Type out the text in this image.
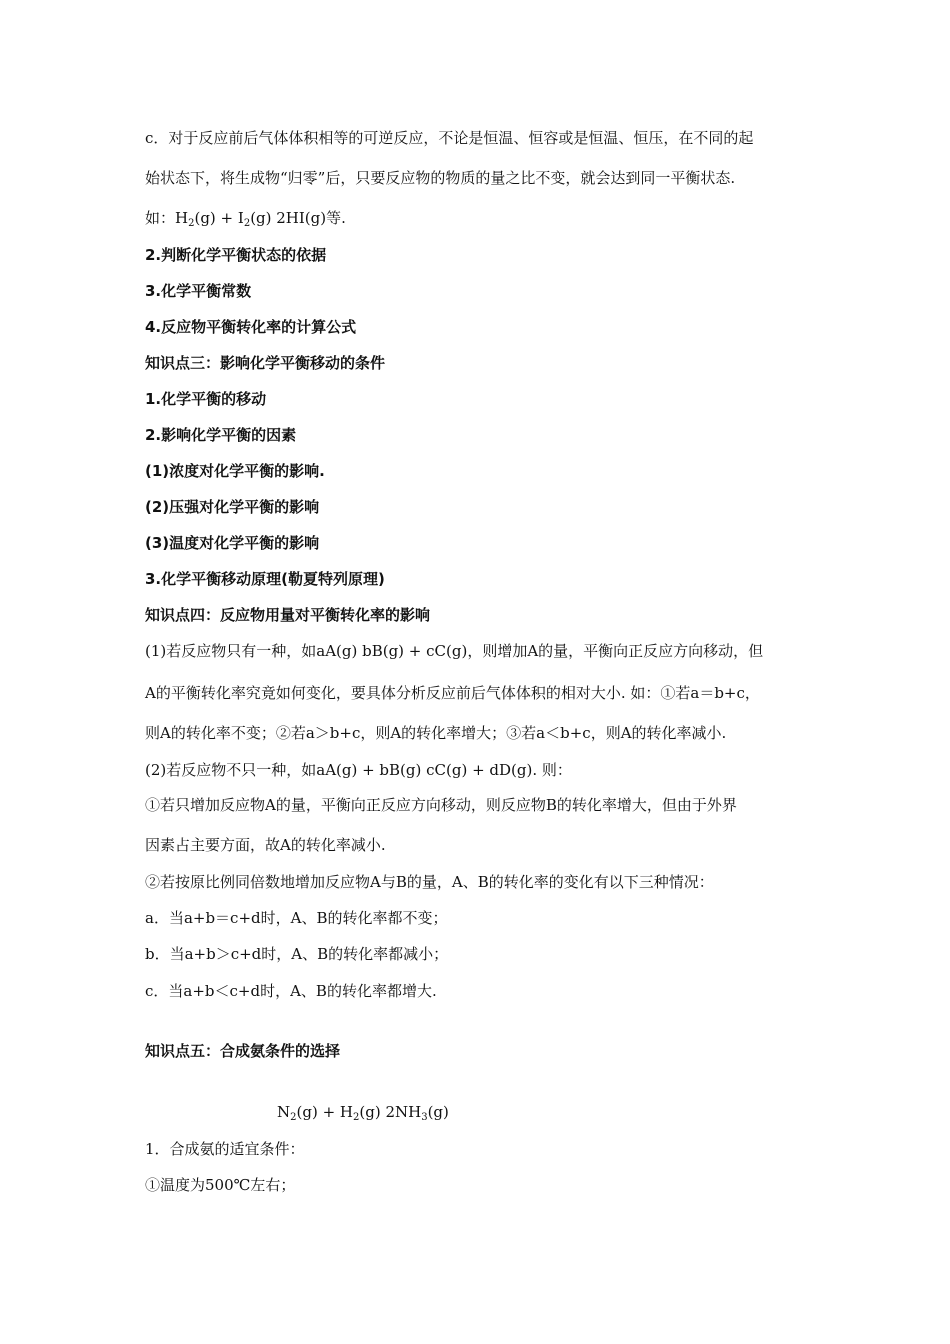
c．对于反应前后气体体积相等的可逆反应，不论是恒温、恒容或是恒温、恒压，在不同的起
始状态下，将生成物“归零”后，只要反应物的物质的量之比不变，就会达到同一平衡状态.
如：$H_2(g) + I_2(g)$ 2HI(g)等.
2.判断化学平衡状态的依据
3.化学平衡常数
4.反应物平衡转化率的计算公式
知识点三：影响化学平衡移动的条件
1.化学平衡的移动
2.影响化学平衡的因素
(1)浓度对化学平衡的影响.
(2)压强对化学平衡的影响
(3)温度对化学平衡的影响
3.化学平衡移动原理(勒夏特列原理)
知识点四：反应物用量对平衡转化率的影响
(1)若反应物只有一种，如aA(g) bB(g) + cC(g)，则增加A的量，平衡向正反应方向移动，但
A的平衡转化率究竟如何变化，要具体分析反应前后气体体积的相对大小. 如：①若a＝b+c，
则A的转化率不变；②若a＞b+c，则A的转化率增大；③若a＜b+c，则A的转化率减小.
(2)若反应物不只一种，如aA(g) + bB(g) cC(g) + dD(g). 则：
①若只增加反应物A的量，平衡向正反应方向移动，则反应物B的转化率增大，但由于外界
因素占主要方面，故A的转化率减小.
②若按原比例同倍数地增加反应物A与B的量，A、B的转化率的变化有以下三种情况：
a．当a+b＝c+d时，A、B的转化率都不变；
b．当a+b＞c+d时，A、B的转化率都减小；
c．当a+b＜c+d时，A、B的转化率都增大.
知识点五：合成氨条件的选择
$N_2(g) + H_2(g)$ $2NH_3(g)$
1．合成氨的适宜条件：
①温度为500℃左右；
